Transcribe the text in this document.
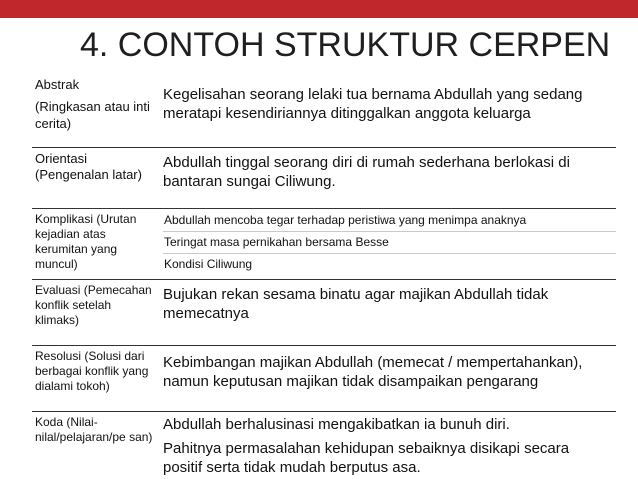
4. CONTOH STRUKTUR CERPEN

Abstrak

(Ringkasan atau inti cerita)

Kegelisahan seorang lelaki tua bernama Abdullah yang sedang meratapi kesendiriannya ditinggalkan anggota keluarga
Orientasi (Pengenalan latar)
Abdullah tinggal seorang diri di rumah sederhana berlokasi di bantaran sungai Ciliwung.
Komplikasi (Urutan kejadian atas kerumitan yang muncul)
Abdullah mencoba tegar terhadap peristiwa yang menimpa anaknya
Teringat masa pernikahan bersama Besse
Kondisi Ciliwung
Evaluasi (Pemecahan konflik setelah klimaks)
Bujukan rekan sesama binatu agar majikan Abdullah tidak memecatnya
Resolusi (Solusi dari berbagai konflik yang dialami tokoh)
Kebimbangan majikan Abdullah (memecat / mempertahankan), namun keputusan majikan tidak disampaikan pengarang
Koda (Nilai-nilal/pelajaran/pe san)

Abdullah berhalusinasi mengakibatkan ia bunuh diri.

Pahitnya permasalahan kehidupan sebaiknya disikapi secara positif serta tidak mudah berputus asa.
